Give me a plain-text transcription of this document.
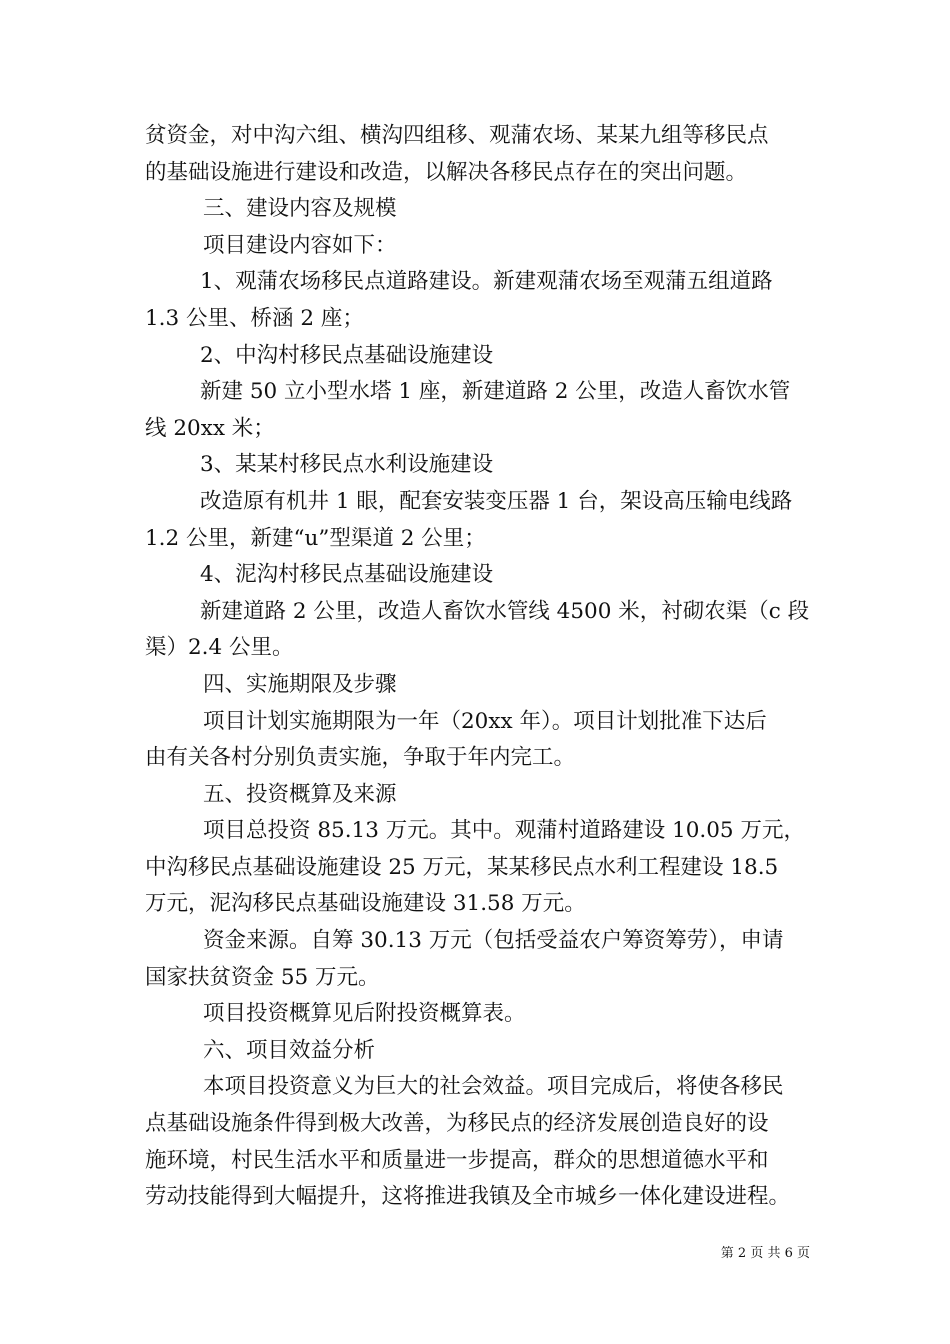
贫资金，对中沟六组、横沟四组移、观蒲农场、某某九组等移民点
的基础设施进行建设和改造，以解决各移民点存在的突出问题。
三、建设内容及规模
项目建设内容如下：
1、观蒲农场移民点道路建设。新建观蒲农场至观蒲五组道路
1.3 公里、桥涵 2 座；
2、中沟村移民点基础设施建设
新建 50 立小型水塔 1 座，新建道路 2 公里，改造人畜饮水管
线 20xx 米；
3、某某村移民点水利设施建设
改造原有机井 1 眼，配套安装变压器 1 台，架设高压输电线路
1.2 公里，新建“u”型渠道 2 公里；
4、泥沟村移民点基础设施建设
新建道路 2 公里，改造人畜饮水管线 4500 米，衬砌农渠（c 段
渠）2.4 公里。
四、实施期限及步骤
项目计划实施期限为一年（20xx 年）。项目计划批准下达后
由有关各村分别负责实施，争取于年内完工。
五、投资概算及来源
项目总投资 85.13 万元。其中。观蒲村道路建设 10.05 万元，
中沟移民点基础设施建设 25 万元，某某移民点水利工程建设 18.5
万元，泥沟移民点基础设施建设 31.58 万元。
资金来源。自筹 30.13 万元（包括受益农户筹资筹劳），申请
国家扶贫资金 55 万元。
项目投资概算见后附投资概算表。
六、项目效益分析
本项目投资意义为巨大的社会效益。项目完成后，将使各移民
点基础设施条件得到极大改善，为移民点的经济发展创造良好的设
施环境，村民生活水平和质量进一步提高，群众的思想道德水平和
劳动技能得到大幅提升，这将推进我镇及全市城乡一体化建设进程。
第 2 页 共 6 页
